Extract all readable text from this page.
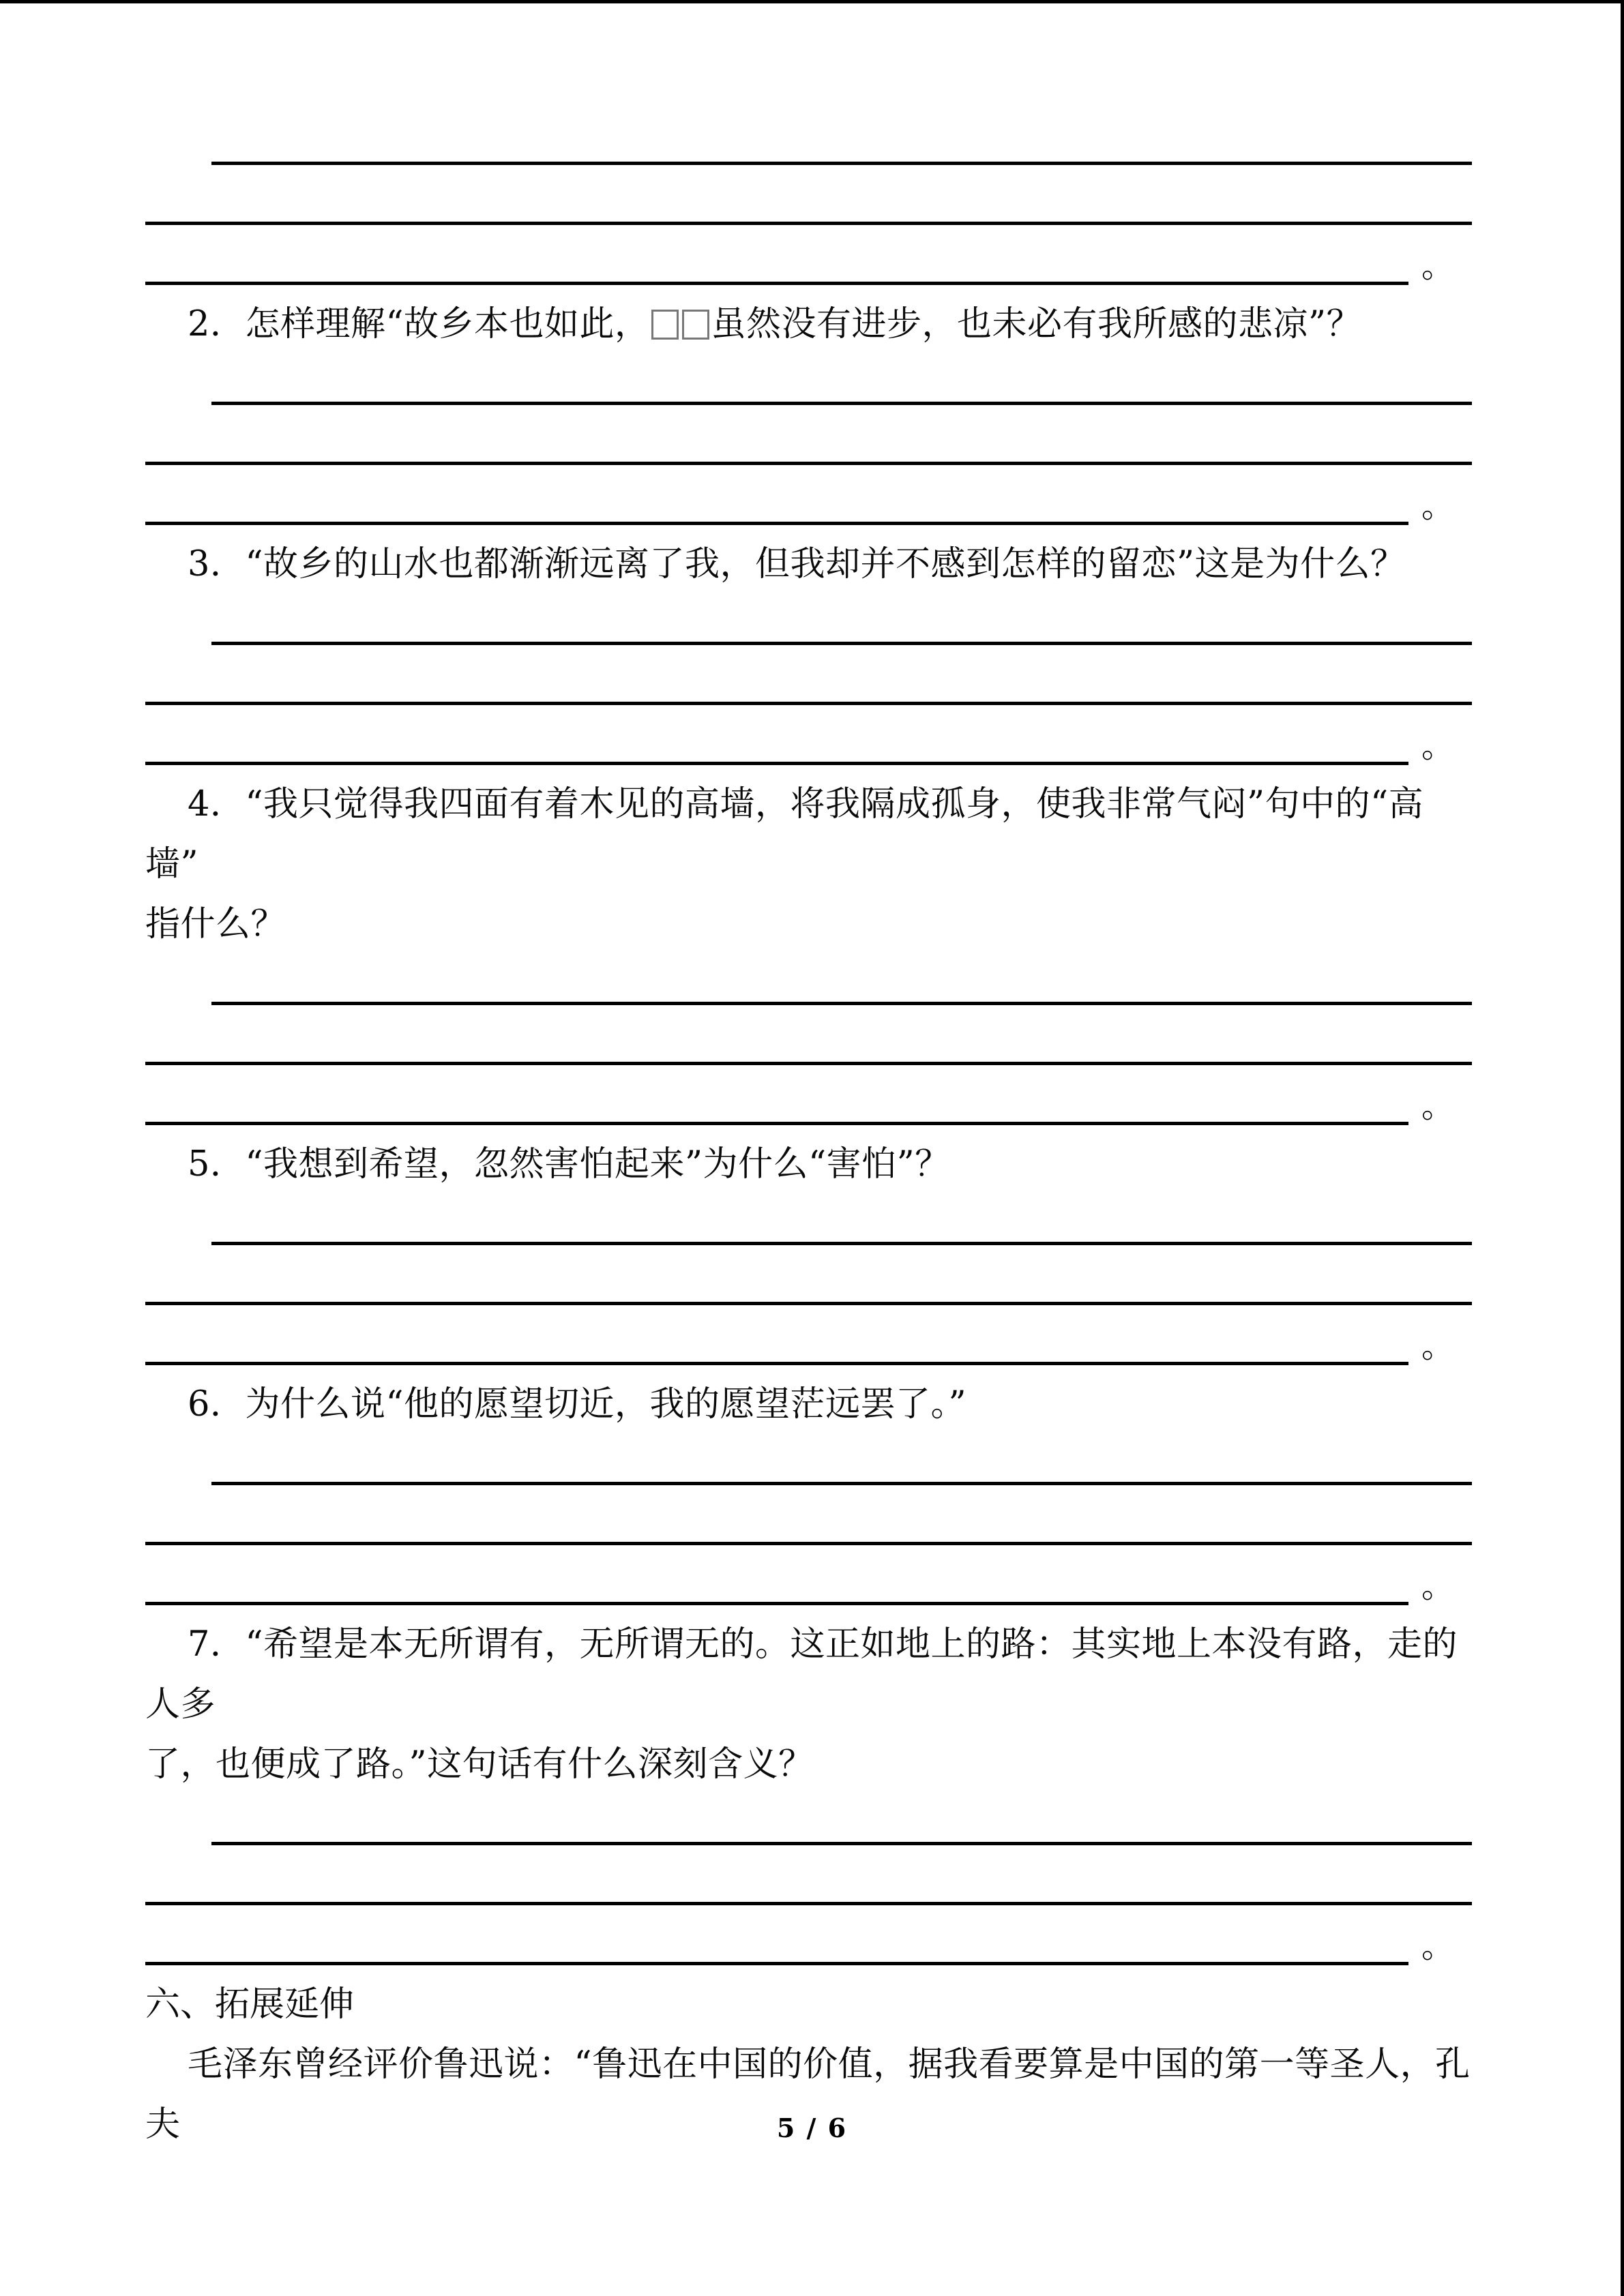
。

2．怎样理解“故乡本也如此， 虽然没有进步，也未必有我所感的悲凉”？

。

3．“故乡的山水也都渐渐远离了我，但我却并不感到怎样的留恋”这是为什么？

。

4．“我只觉得我四面有着木见的高墙，将我隔成孤身，使我非常气闷”句中的“高墙”

指什么？

。

5．“我想到希望，忽然害怕起来”为什么“害怕”？

。

6．为什么说“他的愿望切近，我的愿望茫远罢了。”

。

7．“希望是本无所谓有，无所谓无的。这正如地上的路：其实地上本没有路，走的人多

了，也便成了路。”这句话有什么深刻含义？

。

六、拓展延伸

毛泽东曾经评价鲁迅说：“鲁迅在中国的价值，据我看要算是中国的第一等圣人，孔夫	5 / 6
